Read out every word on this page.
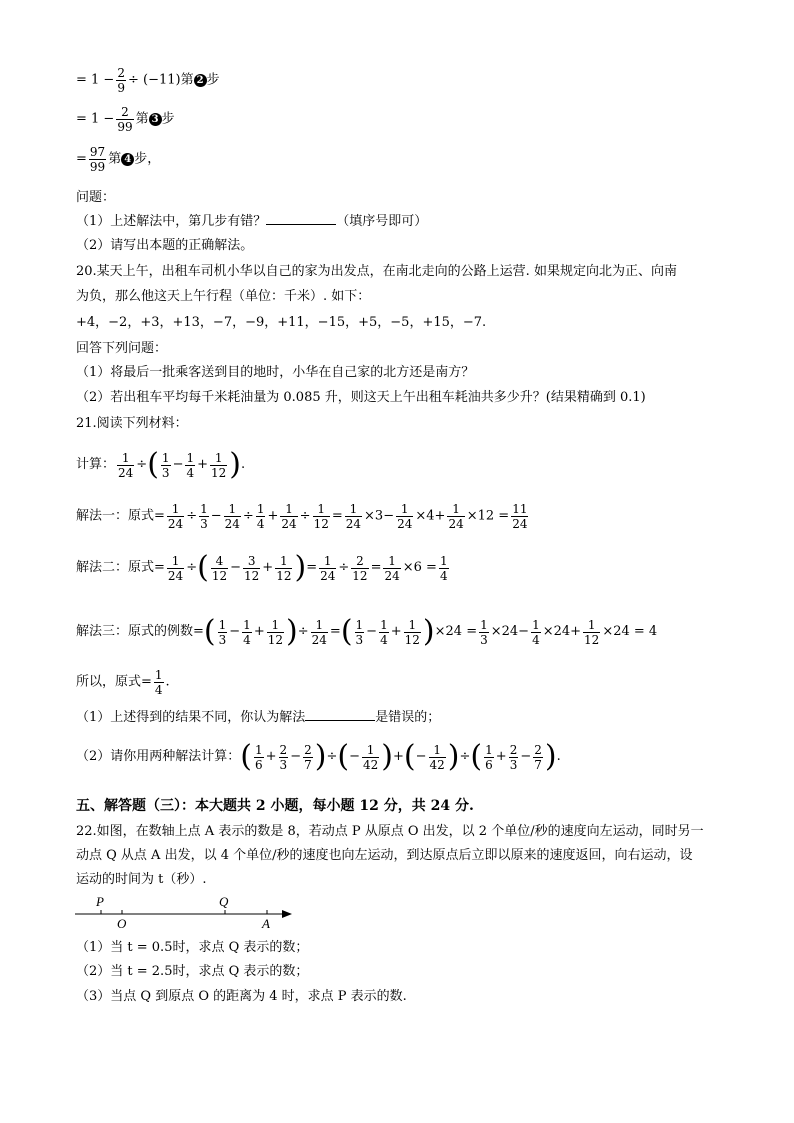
= $1 - \frac{2}{9} \div (-11)$第 2 步
= $1 - \frac{2}{99}$ 第 3 步
= $\frac{97}{99}$ 第 4 步，
问题：
（1）上述解法中，第几步有错？	（填序号即可）
（2）请写出本题的正确解法。
20.某天上午，出租车司机小华以自己的家为出发点，在南北走向的公路上运营. 如果规定向北为正、向南
为负，那么他这天上午行程（单位：千米）. 如下：
+4，−2，+3，+13，−7，−9，+11，−15，+5，−5，+15，−7.
回答下列问题：
（1）将最后一批乘客送到目的地时，小华在自己家的北方还是南方？
（2）若出租车平均每千米耗油量为 0.085 升，则这天上午出租车耗油共多少升？(结果精确到 0.1)
21.阅读下列材料：
计算： $\frac{1}{24}$ ÷( $\frac{1}{3} - \frac{1}{4} + \frac{1}{12}$ ).
解法一：原式= $\frac{1}{24} \div \frac{1}{3} - \frac{1}{24} \div \frac{1}{4} + \frac{1}{24} \div \frac{1}{12} = \frac{1}{24} \times 3- \frac{1}{24} \times 4+ \frac{1}{24} \times 12 = \frac{11}{24}$
解法二：原式= $\frac{1}{24}$ ÷( $\frac{4}{12} - \frac{3}{12} + \frac{1}{12}$ )= $\frac{1}{24} \div \frac{2}{12} = \frac{1}{24} \times 6 = \frac{1}{4}$
解法三：原式的例数=( $\frac{1}{3} - \frac{1}{4} + \frac{1}{12}$ )÷ $\frac{1}{24}$ =( $\frac{1}{3} - \frac{1}{4} + \frac{1}{12} )\times 24 = \frac{1}{3} \times 24- \frac{1}{4} \times 24+ \frac{1}{12} \times 24 = 4$
所以，原式= $\frac{1}{4}$ .
（1）上述得到的结果不同，你认为解法	是错误的；
（2）请你用两种解法计算：( $\frac{1}{6} + \frac{2}{3} - \frac{2}{7}$ )÷(− $\frac{1}{42}$ )+(− $\frac{1}{42}$ )÷( $\frac{1}{6} + \frac{2}{3} - \frac{2}{7}$ ).
五、解答题（三）：本大题共 2 小题，每小题 12 分，共 24 分.
22.如图，在数轴上点 A 表示的数是 8，若动点 P 从原点 O 出发，以 2 个单位/秒的速度向左运动，同时另一
动点 Q 从点 A 出发，以 4 个单位/秒的速度也向左运动，到达原点后立即以原来的速度返回，向右运动，设
运动的时间为 t（秒）.
P
O
Q
A
（1）当 t = 0.5时，求点 Q 表示的数；
（2）当 t = 2.5时，求点 Q 表示的数；
（3）当点 Q 到原点 O 的距离为 4 时，求点 P 表示的数.
